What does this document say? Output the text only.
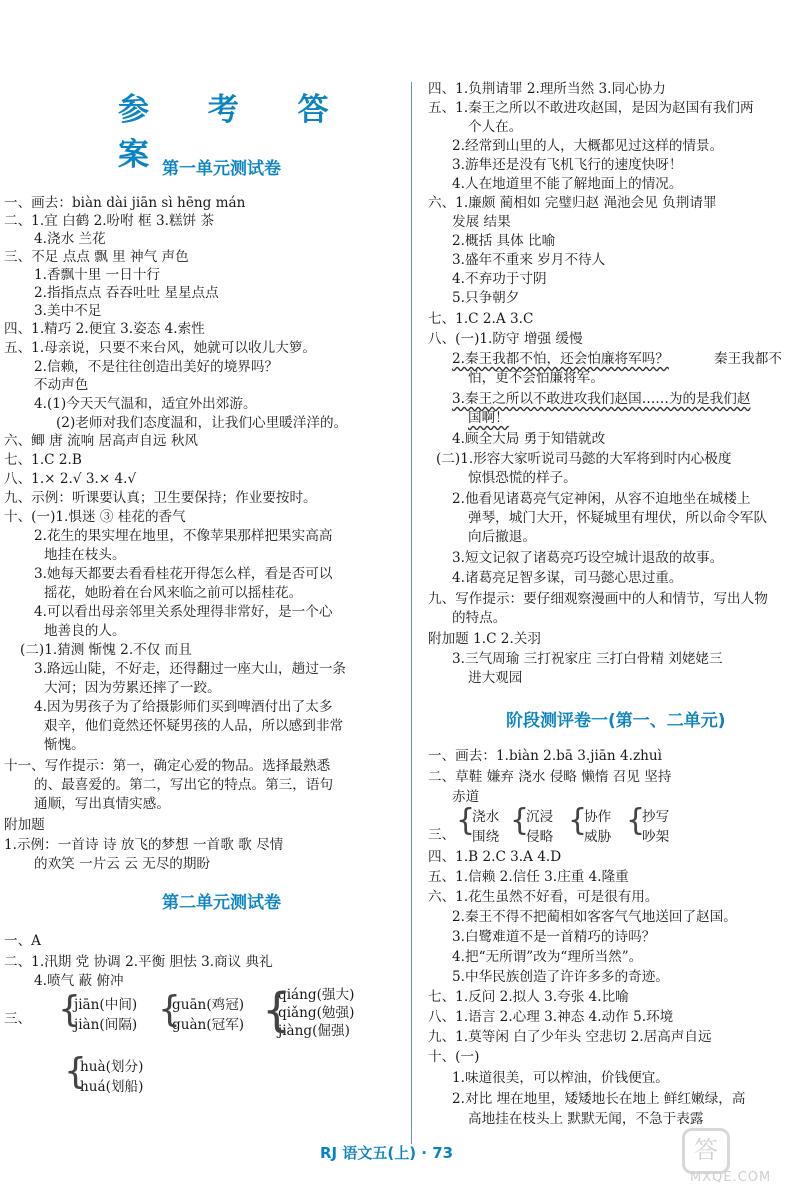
参 考 答 案
第一单元测试卷
一、画去：biàn dài jiān sì hēng mán
二、1.宜 白鹤 2.吩咐 框 3.糕饼 茶
4.浇水 兰花
三、不足 点点 飘 里 神气 声色
1.香飘十里 一日十行
2.指指点点 吞吞吐吐 星星点点
3.美中不足
四、1.精巧 2.便宜 3.姿态 4.索性
五、1.母亲说，只要不来台风，她就可以收儿大箩。
2.信赖，不是往往创造出美好的境界吗？
不动声色
4.(1)今天天气温和，适宜外出郊游。
(2)老师对我们态度温和，让我们心里暖洋洋的。
六、鲫 唐 流响 居高声自远 秋风
七、1.C 2.B
八、1.× 2.√ 3.× 4.√
九、示例：听课要认真；卫生要保持；作业要按时。
十、(一)1.惧迷 ③ 桂花的香气
2.花生的果实埋在地里，不像苹果那样把果实高高
地挂在枝头。
3.她每天都要去看看桂花开得怎么样，看是否可以
摇花，她盼着在台风来临之前可以摇桂花。
4.可以看出母亲邻里关系处理得非常好，是一个心
地善良的人。
(二)1.猜测 惭愧 2.不仅 而且
3.路远山陡，不好走，还得翻过一座大山，趟过一条
大河；因为劳累还摔了一跤。
4.因为男孩子为了给摄影师们买到啤酒付出了太多
艰辛，他们竟然还怀疑男孩的人品，所以感到非常
惭愧。
十一、写作提示：第一，确定心爱的物品。选择最熟悉
的、最喜爱的。第二，写出它的特点。第三，语句
通顺，写出真情实感。
附加题
1.示例：一首诗 诗 放飞的梦想 一首歌 歌 尽情
的欢笑 一片云 云 无尽的期盼
第二单元测试卷
一、A
二、1.汛期 党 协调 2.平衡 胆怯 3.商议 典礼
4.喷气 蔽 俯冲
三、
jiān(中间)
jiàn(间隔)
guān(鸡冠)
guàn(冠军)
qiáng(强大)
qiǎng(勉强)
jiàng(倔强)
huà(划分)
huá(划船)
{ { {
{
四、1.负荆请罪 2.理所当然 3.同心协力
五、1.秦王之所以不敢进攻赵国，是因为赵国有我们两
个人在。
2.经常到山里的人，大概都见过这样的情景。
3.游隼还是没有飞机飞行的速度快呀！
4.人在地道里不能了解地面上的情况。
六、1.廉颇 蔺相如 完璧归赵 渑池会见 负荆请罪
发展 结果
2.概括 具体 比喻
3.盛年不重来 岁月不待人
4.不弃功于寸阴
5.只争朝夕
七、1.C 2.A 3.C
八、(一)1.防守 增强 缓慢
2.秦王我都不怕，还会怕廉将军吗？	秦王我都不
怕，更不会怕廉将军。
3.秦王之所以不敢进攻我们赵国……为的是我们赵
国啊！
4.顾全大局 勇于知错就改
(二)1.形容大家听说司马懿的大军将到时内心极度
惊惧恐慌的样子。
2.他看见诸葛亮气定神闲，从容不迫地坐在城楼上
弹琴，城门大开，怀疑城里有埋伏，所以命令军队
向后撤退。
3.短文记叙了诸葛亮巧设空城计退敌的故事。
4.诸葛亮足智多谋，司马懿心思过重。
九、写作提示：要仔细观察漫画中的人和情节，写出人物
的特点。
附加题 1.C 2.关羽
3.三气周瑜 三打祝家庄 三打白骨精 刘姥姥三
进大观园
阶段测评卷一(第一、二单元)
一、画去：1.biàn 2.bā 3.jiān 4.zhuì
二、草鞋 嫌弃 浇水 侵略 懒惰 召见 坚持
赤道
三、
浇水
围绕
沉浸
侵略
协作
威胁
抄写
吵架
四、1.B 2.C 3.A 4.D
五、1.信赖 2.信任 3.庄重 4.隆重
六、1.花生虽然不好看，可是很有用。
2.秦王不得不把蔺相如客客气气地送回了赵国。
3.白鹭难道不是一首精巧的诗吗？
4.把“无所谓”改为“理所当然”。
5.中华民族创造了许许多多的奇迹。
七、1.反问 2.拟人 3.夸张 4.比喻
八、1.语言 2.心理 3.神态 4.动作 5.环境
九、1.莫等闲 白了少年头 空悲切 2.居高声自远
十、(一)
1.味道很美，可以榨油，价钱便宜。
2.对比 埋在地里，矮矮地长在地上 鲜红嫩绿，高
高地挂在枝头上 默默无闻，不急于表露
{ { { {
RJ 语文五(上) · 73	答
MXQE.COM
